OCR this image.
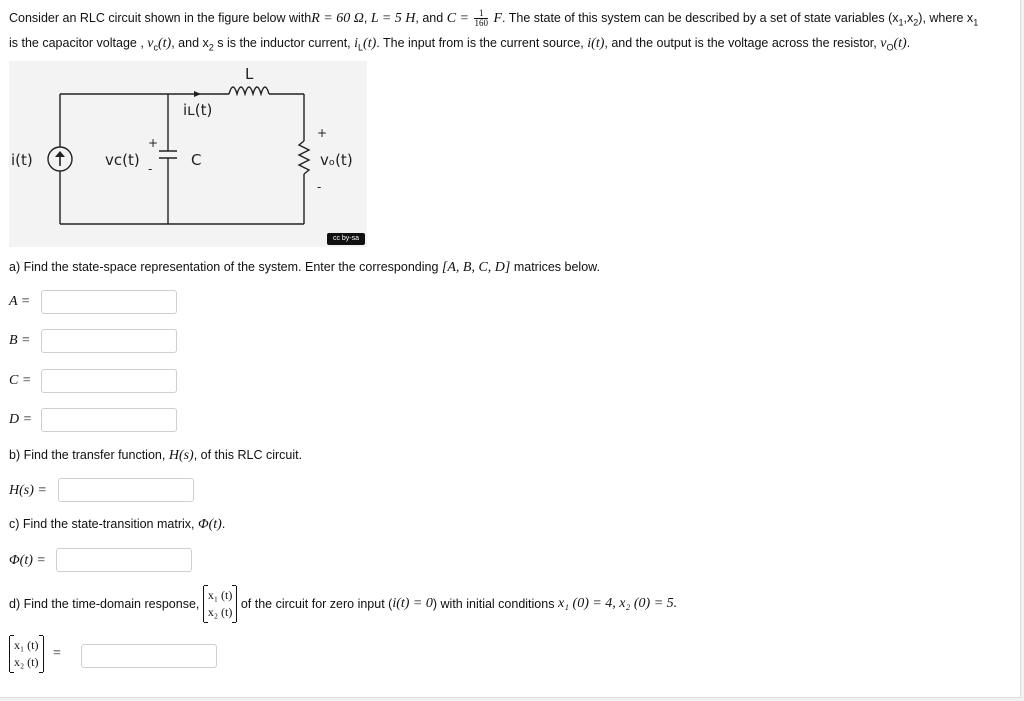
Consider an RLC circuit shown in the figure below withR = 60 Ω, L = 5 H, and $C = \frac{1}{160} F$. The state of this system can be described by a set of state variables $(x_1,x_2)$, where $x_1$
is the capacitor voltage , $v_c(t)$, and $x_2$ s is the inductor current, $i_L(t)$. The input from is the current source, i(t), and the output is the voltage across the resistor, $v_O(t)$.
L
iʟ(t)
i(t)	vᴄ(t)	C	vₒ(t)
+
-
+
-
cc by-sa
a) Find the state-space representation of the system. Enter the corresponding [A, B, C, D] matrices below.
A =
B =
C =
D =
b) Find the transfer function, H(s), of this RLC circuit.
H(s) =
c) Find the state-transition matrix, Φ(t).
Φ(t) =
d) Find the time-domain response,
x₁ (t)
x₂ (t)
of the circuit for zero input (i(t) = 0) with initial conditions x₁ (0) = 4, x₂ (0) = 5.
x₁ (t)
x₂ (t)
=
